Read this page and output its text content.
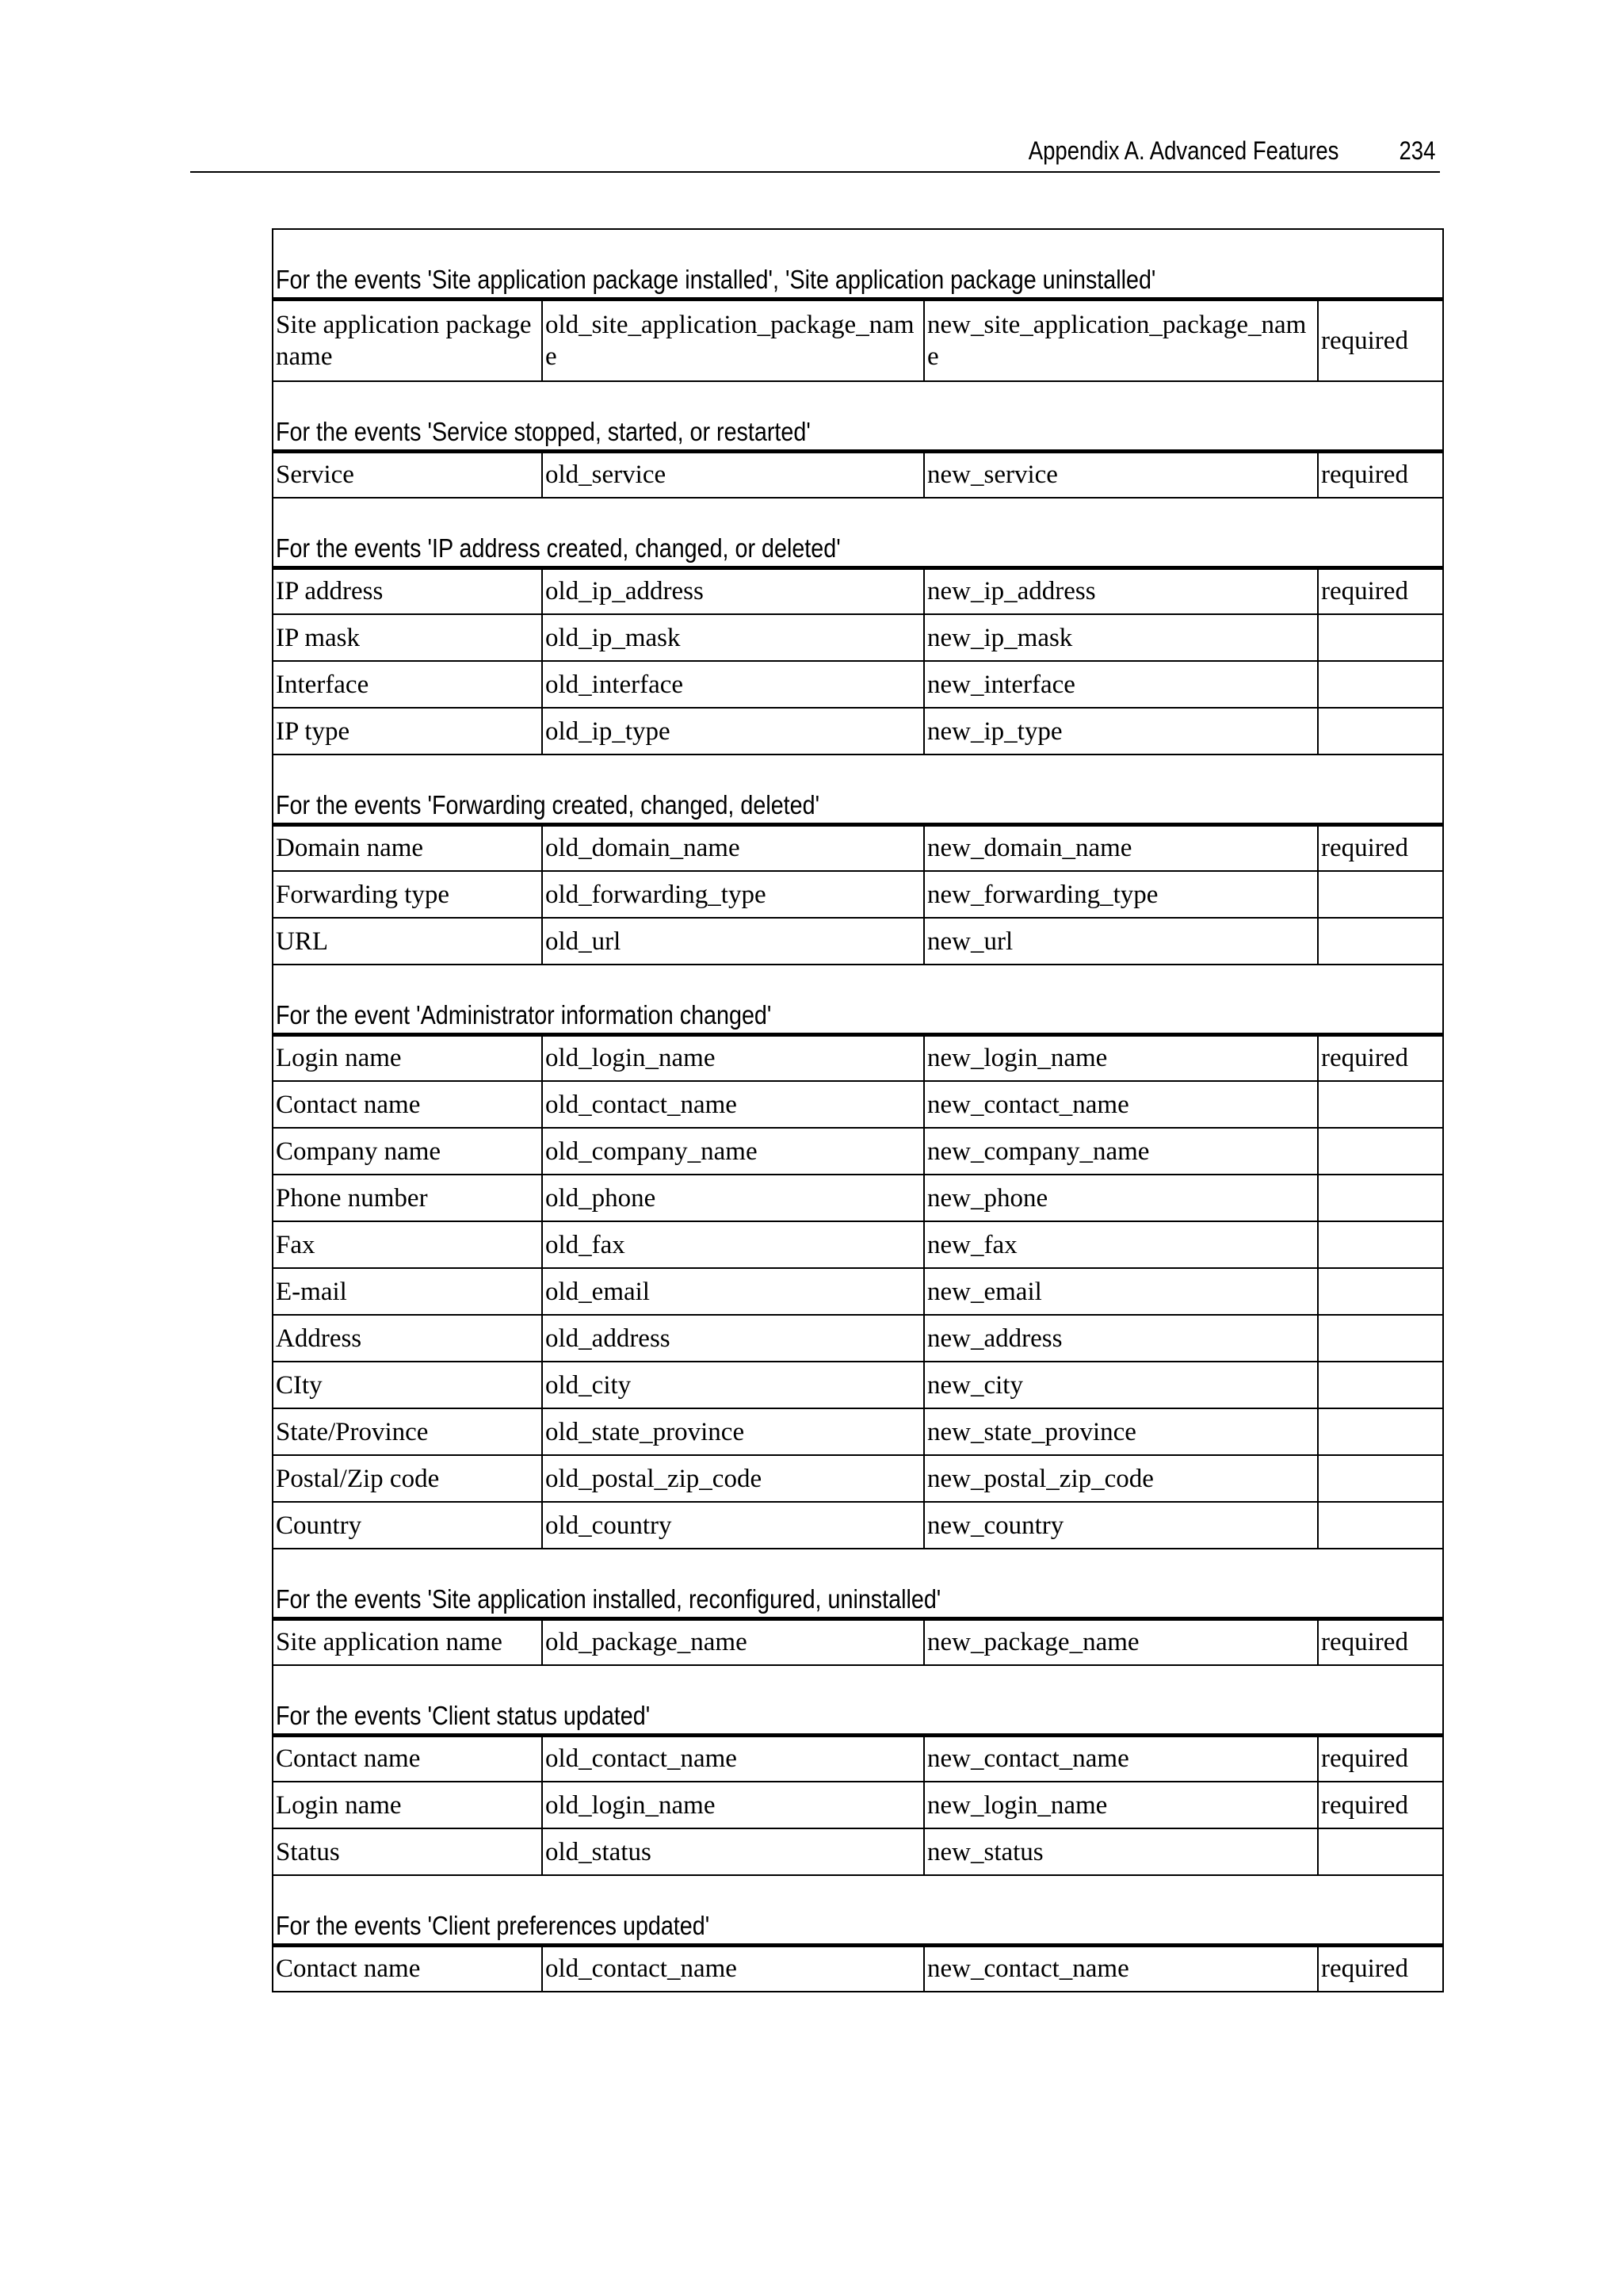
Appendix A. Advanced Features 234
For the events 'Site application package installed', 'Site application package uninstalled'			
Site application package name	old_site_application_package_name	new_site_application_package_name	required
For the events 'Service stopped, started, or restarted'			
Service	old_service	new_service	required
For the events 'IP address created, changed, or deleted'			
IP address	old_ip_address	new_ip_address	required
IP mask	old_ip_mask	new_ip_mask	
Interface	old_interface	new_interface	
IP type	old_ip_type	new_ip_type	
For the events 'Forwarding created, changed, deleted'			
Domain name	old_domain_name	new_domain_name	required
Forwarding type	old_forwarding_type	new_forwarding_type	
URL	old_url	new_url	
For the event 'Administrator information changed'			
Login name	old_login_name	new_login_name	required
Contact name	old_contact_name	new_contact_name	
Company name	old_company_name	new_company_name	
Phone number	old_phone	new_phone	
Fax	old_fax	new_fax	
E-mail	old_email	new_email	
Address	old_address	new_address	
CIty	old_city	new_city	
State/Province	old_state_province	new_state_province	
Postal/Zip code	old_postal_zip_code	new_postal_zip_code	
Country	old_country	new_country	
For the events 'Site application installed, reconfigured, uninstalled'			
Site application name	old_package_name	new_package_name	required
For the events 'Client status updated'			
Contact name	old_contact_name	new_contact_name	required
Login name	old_login_name	new_login_name	required
Status	old_status	new_status	
For the events 'Client preferences updated'			
Contact name	old_contact_name	new_contact_name	required
